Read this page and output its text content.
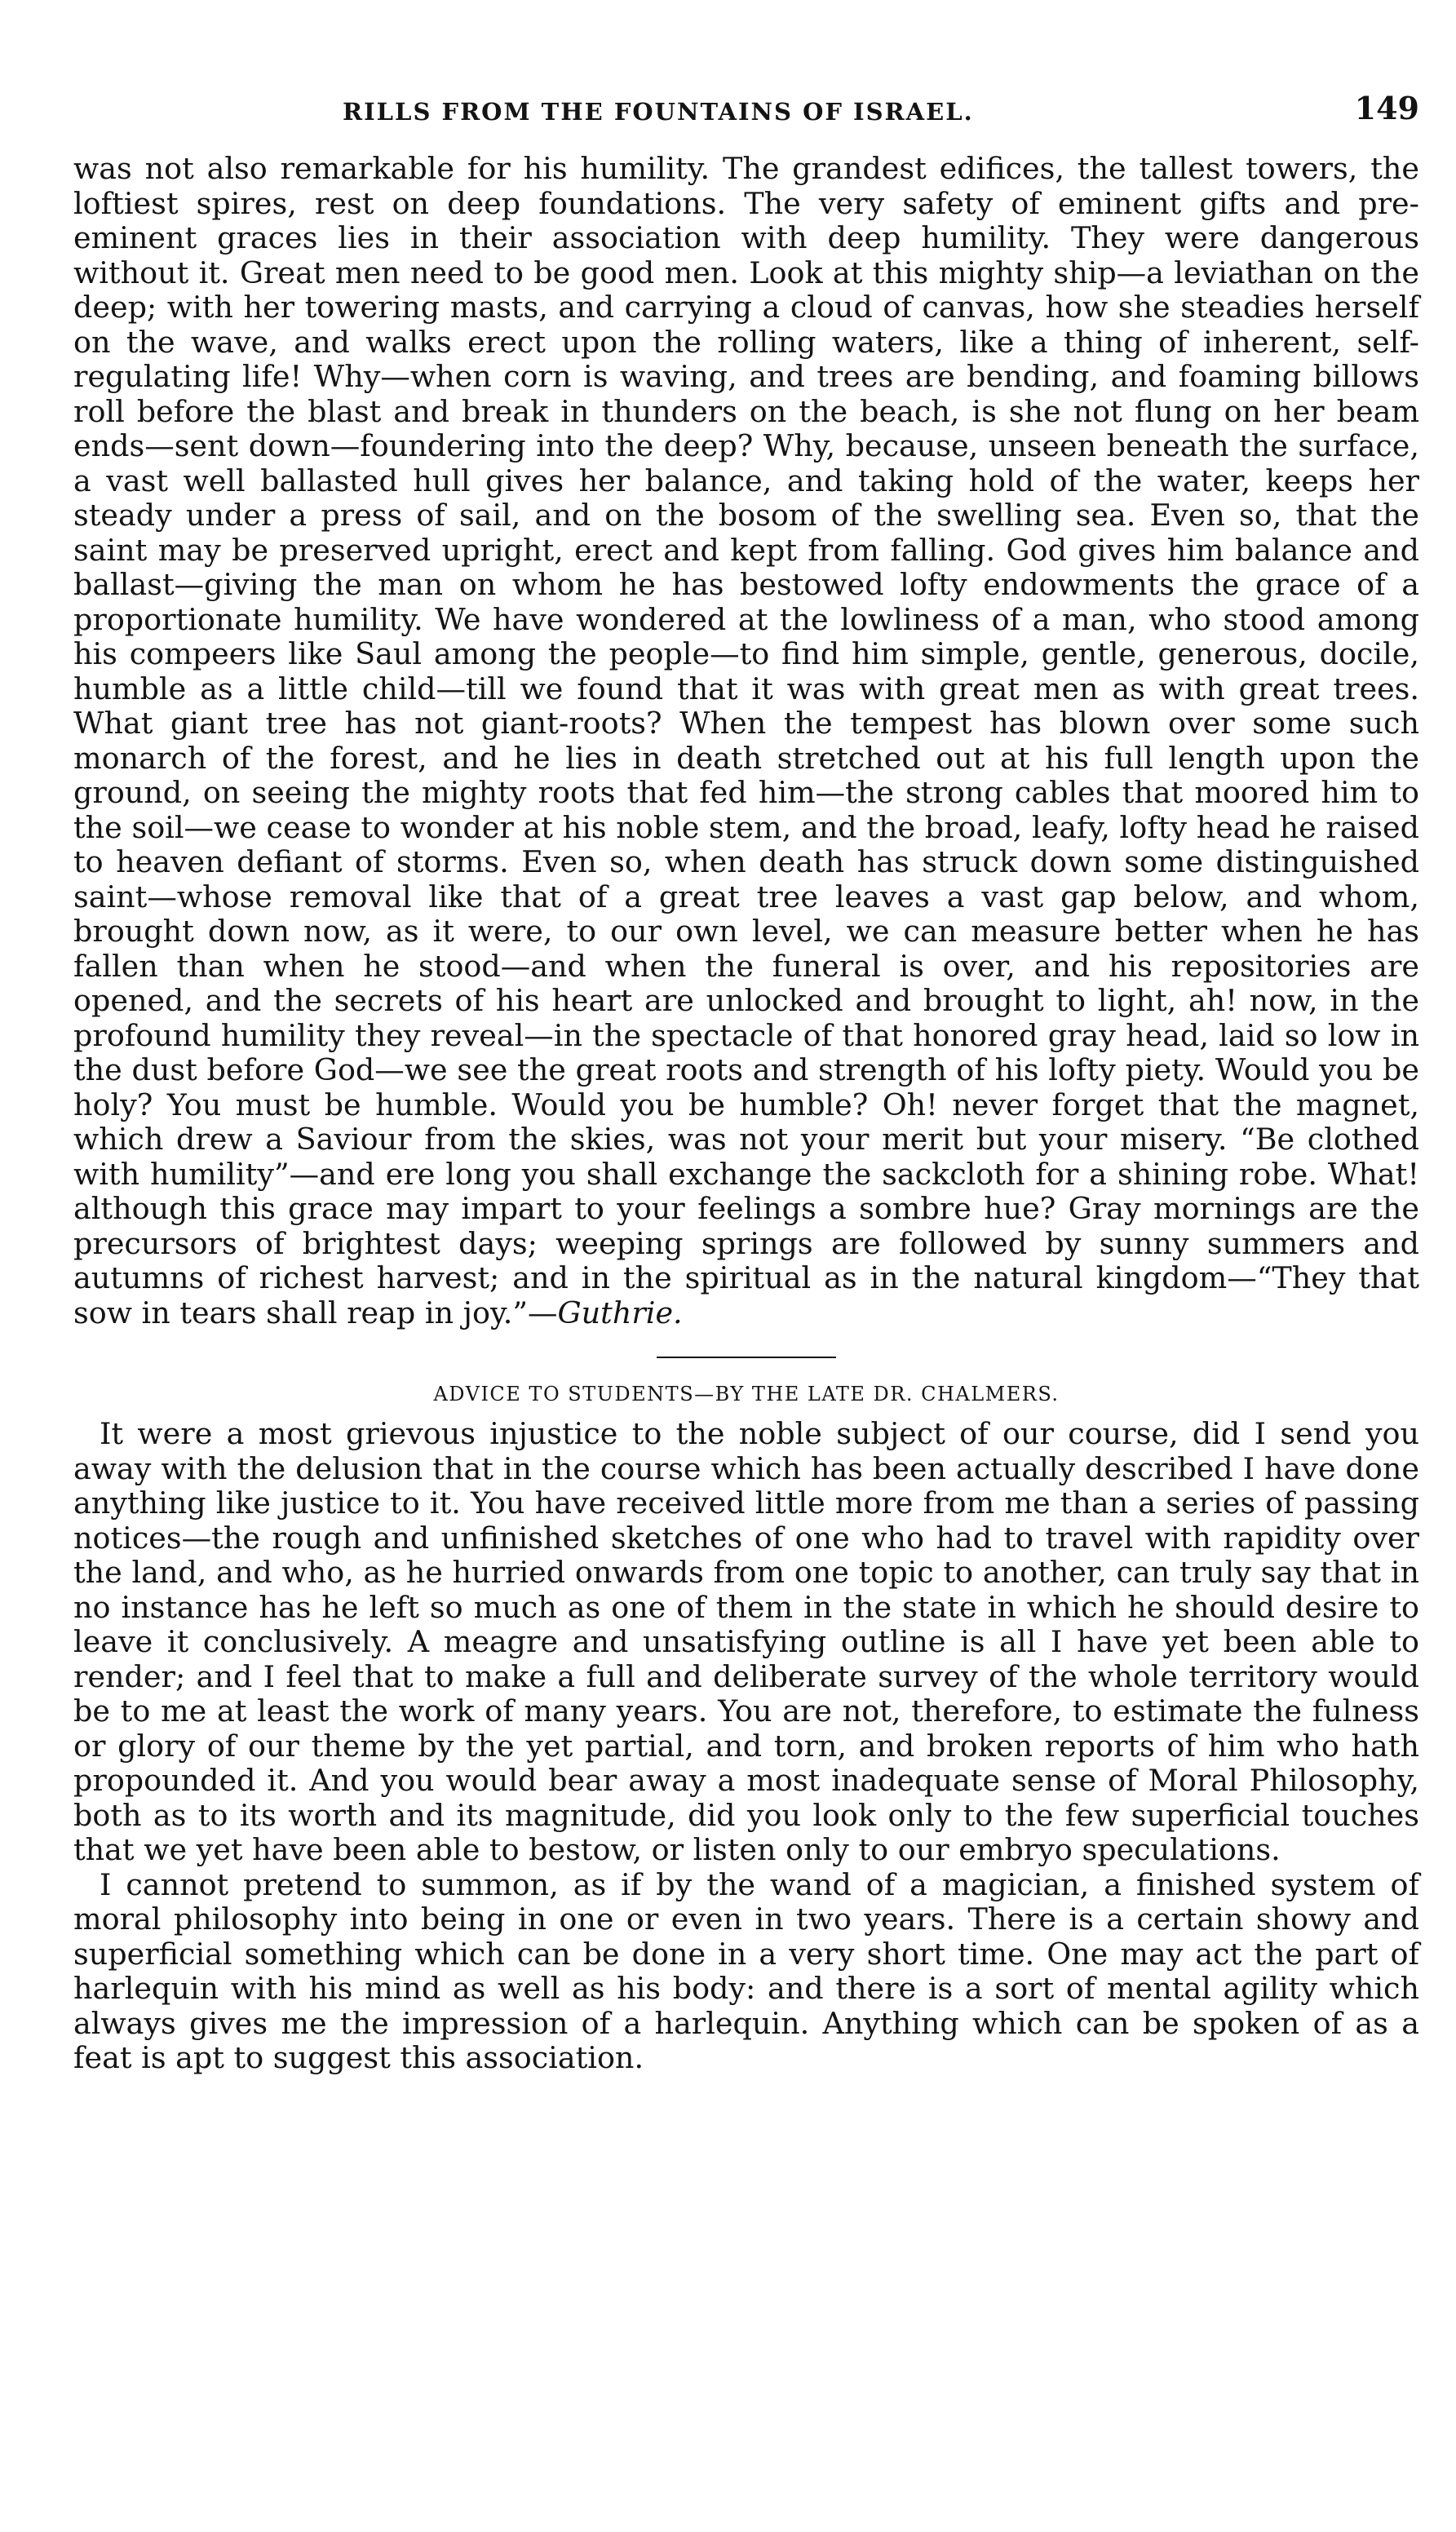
RILLS FROM THE FOUNTAINS OF ISRAEL.	149

was not also remarkable for his humility. The grandest edifices, the tallest towers, the loftiest spires, rest on deep foundations. The very safety of eminent gifts and pre-eminent graces lies in their association with deep humility. They were dangerous without it. Great men need to be good men. Look at this mighty ship—a leviathan on the deep; with her towering masts, and carrying a cloud of canvas, how she steadies herself on the wave, and walks erect upon the rolling waters, like a thing of inherent, self-regulating life! Why—when corn is waving, and trees are bending, and foaming billows roll before the blast and break in thunders on the beach, is she not flung on her beam ends—sent down—foundering into the deep? Why, because, unseen beneath the surface, a vast well ballasted hull gives her balance, and taking hold of the water, keeps her steady under a press of sail, and on the bosom of the swelling sea. Even so, that the saint may be preserved upright, erect and kept from falling. God gives him balance and ballast—giving the man on whom he has bestowed lofty endowments the grace of a proportionate humility. We have wondered at the lowliness of a man, who stood among his compeers like Saul among the people—to find him simple, gentle, generous, docile, humble as a little child—till we found that it was with great men as with great trees. What giant tree has not giant-roots? When the tempest has blown over some such monarch of the forest, and he lies in death stretched out at his full length upon the ground, on seeing the mighty roots that fed him—the strong cables that moored him to the soil—we cease to wonder at his noble stem, and the broad, leafy, lofty head he raised to heaven defiant of storms. Even so, when death has struck down some distinguished saint—whose removal like that of a great tree leaves a vast gap below, and whom, brought down now, as it were, to our own level, we can measure better when he has fallen than when he stood—and when the funeral is over, and his repositories are opened, and the secrets of his heart are unlocked and brought to light, ah! now, in the profound humility they reveal—in the spectacle of that honored gray head, laid so low in the dust before God—we see the great roots and strength of his lofty piety. Would you be holy? You must be humble. Would you be humble? Oh! never forget that the magnet, which drew a Saviour from the skies, was not your merit but your misery. “Be clothed with humility”—and ere long you shall exchange the sackcloth for a shining robe. What! although this grace may impart to your feelings a sombre hue? Gray mornings are the precursors of brightest days; weeping springs are followed by sunny summers and autumns of richest harvest; and in the spiritual as in the natural kingdom—“They that sow in tears shall reap in joy.”—Guthrie.

ADVICE TO STUDENTS—BY THE LATE DR. CHALMERS.

It were a most grievous injustice to the noble subject of our course, did I send you away with the delusion that in the course which has been actually described I have done anything like justice to it. You have received little more from me than a series of passing notices—the rough and unfinished sketches of one who had to travel with rapidity over the land, and who, as he hurried onwards from one topic to another, can truly say that in no instance has he left so much as one of them in the state in which he should desire to leave it conclusively. A meagre and unsatisfying outline is all I have yet been able to render; and I feel that to make a full and deliberate survey of the whole territory would be to me at least the work of many years. You are not, therefore, to estimate the fulness or glory of our theme by the yet partial, and torn, and broken reports of him who hath propounded it. And you would bear away a most inadequate sense of Moral Philosophy, both as to its worth and its magnitude, did you look only to the few superficial touches that we yet have been able to bestow, or listen only to our embryo speculations.

I cannot pretend to summon, as if by the wand of a magician, a finished system of moral philosophy into being in one or even in two years. There is a certain showy and superficial something which can be done in a very short time. One may act the part of harlequin with his mind as well as his body: and there is a sort of mental agility which always gives me the impression of a harlequin. Anything which can be spoken of as a feat is apt to suggest this association.
